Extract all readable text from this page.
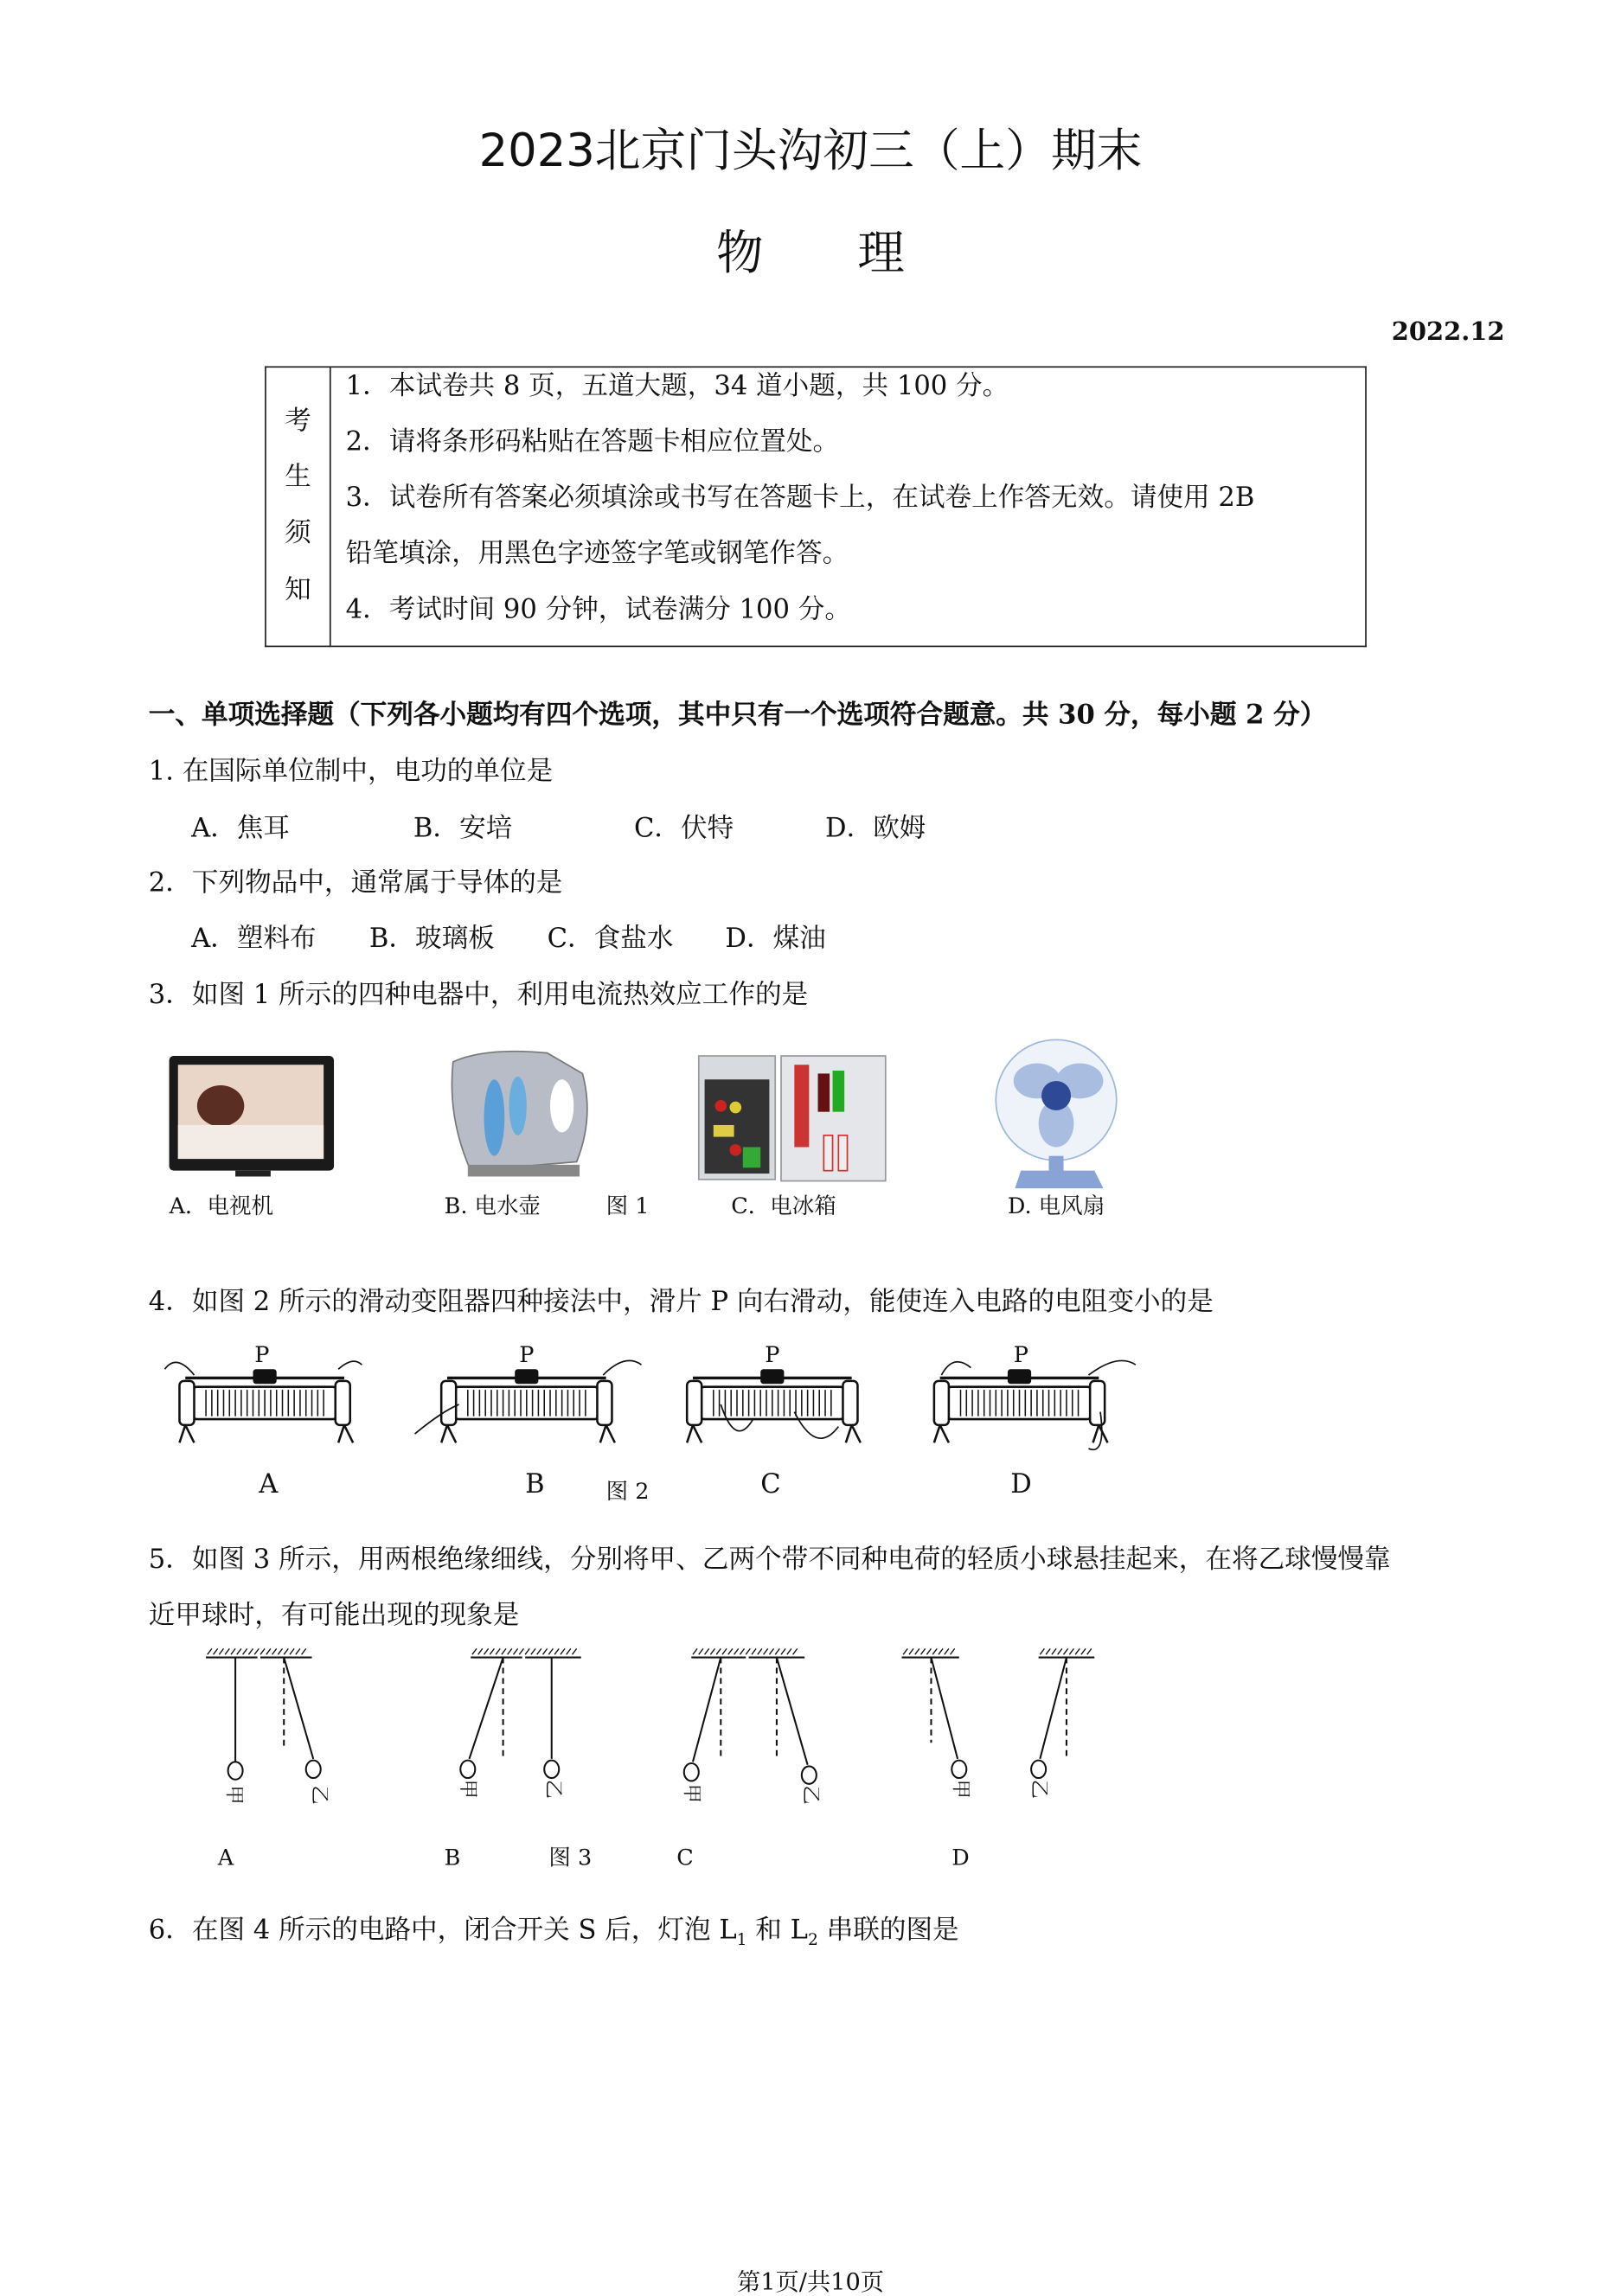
2023北京门头沟初三（上）期末
物　　理
2022.12
考
生
须
知

1．本试卷共 8 页，五道大题，34 道小题，共 100 分。
2．请将条形码粘贴在答题卡相应位置处。
3．试卷所有答案必须填涂或书写在答题卡上，在试卷上作答无效。请使用 2B
铅笔填涂，用黑色字迹签字笔或钢笔作答。
4．考试时间 90 分钟，试卷满分 100 分。
一、单项选择题（下列各小题均有四个选项，其中只有一个选项符合题意。共 30 分，每小题 2 分）
1. 在国际单位制中，电功的单位是
A．焦耳	B．安培	C．伏特	D．欧姆
2．下列物品中，通常属于导体的是
A．塑料布	B．玻璃板	C．食盐水	D．煤油
3．如图 1 所示的四种电器中，利用电流热效应工作的是
A．电视机	B. 电水壶	图 1	C．电冰箱	D. 电风扇
4．如图 2 所示的滑动变阻器四种接法中，滑片 P 向右滑动，能使连入电路的电阻变小的是
P	P	P	P
A	B	图 2	C	D
5．如图 3 所示，用两根绝缘细线，分别将甲、乙两个带不同种电荷的轻质小球悬挂起来，在将乙球慢慢靠
近甲球时，有可能出现的现象是
甲	乙	甲	乙	甲	乙	甲	乙
A	B	图 3	C	D
6．在图 4 所示的电路中，闭合开关 S 后，灯泡 $L_1$ 和 $L_2$ 串联的图是
第1页/共10页
